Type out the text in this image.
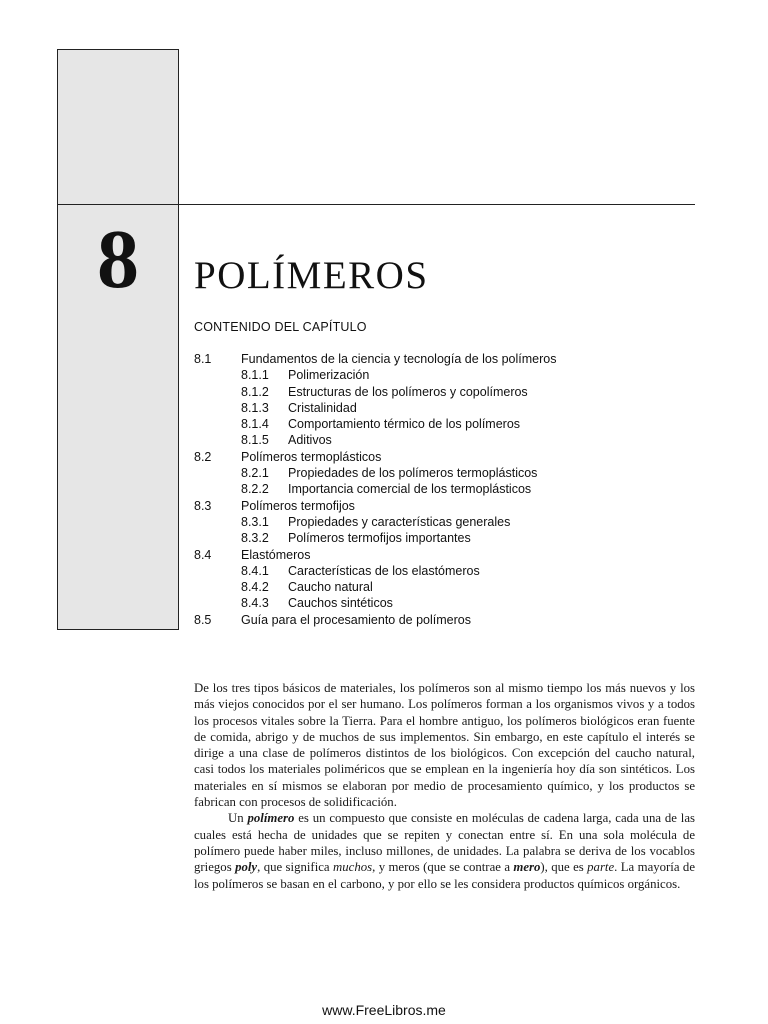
8	POLÍMEROS
CONTENIDO DEL CAPÍTULO
8.1 Fundamentos de la ciencia y tecnología de los polímeros
8.1.1 Polimerización
8.1.2 Estructuras de los polímeros y copolímeros
8.1.3 Cristalinidad
8.1.4 Comportamiento térmico de los polímeros
8.1.5 Aditivos
8.2 Polímeros termoplásticos
8.2.1 Propiedades de los polímeros termoplásticos
8.2.2 Importancia comercial de los termoplásticos
8.3 Polímeros termofijos
8.3.1 Propiedades y características generales
8.3.2 Polímeros termofijos importantes
8.4 Elastómeros
8.4.1 Características de los elastómeros
8.4.2 Caucho natural
8.4.3 Cauchos sintéticos
8.5 Guía para el procesamiento de polímeros

De los tres tipos básicos de materiales, los polímeros son al mismo tiempo los más nuevos y los más viejos conocidos por el ser humano. Los polímeros forman a los organismos vivos y a todos los procesos vitales sobre la Tierra. Para el hombre antiguo, los polímeros biológicos eran fuente de comida, abrigo y de muchos de sus implementos. Sin embargo, en este capítulo el interés se dirige a una clase de polímeros distintos de los biológicos. Con excepción del caucho natural, casi todos los materiales poliméricos que se emplean en la ingeniería hoy día son sintéticos. Los materiales en sí mismos se elaboran por medio de procesamiento químico, y los productos se fabrican con procesos de solidificación.

Un polímero es un compuesto que consiste en moléculas de cadena larga, cada una de las cuales está hecha de unidades que se repiten y conectan entre sí. En una sola molécula de polímero puede haber miles, incluso millones, de unidades. La palabra se deriva de los vocablos griegos poly, que significa muchos, y meros (que se contrae a mero), que es parte. La mayoría de los polímeros se basan en el carbono, y por ello se les considera productos químicos orgánicos.

www.FreeLibros.me
